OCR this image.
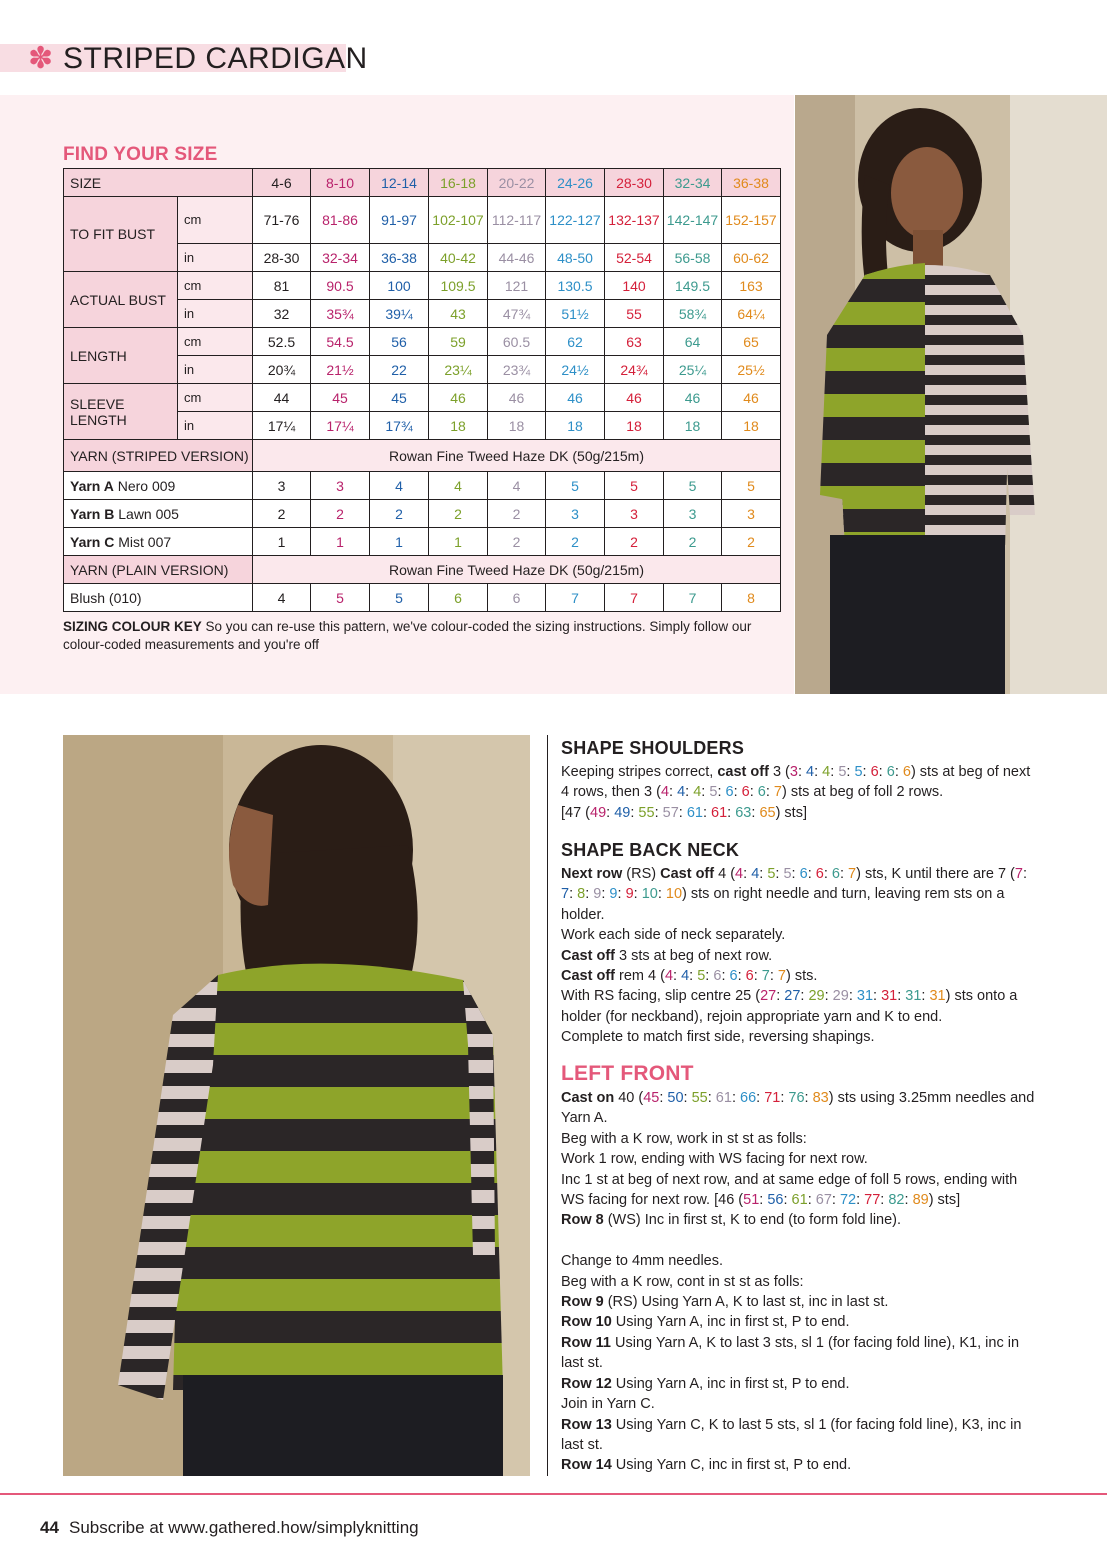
✽ STRIPED CARDIGAN
FIND YOUR SIZE
SIZE		4-6	8-10	12-14	16-18	20-22	24-26	28-30	32-34	36-38
TO FIT BUST	cm	71-76	81-86	91-97	102-107	112-117	122-127	132-137	142-147	152-157
	in	28-30	32-34	36-38	40-42	44-46	48-50	52-54	56-58	60-62
ACTUAL BUST	cm	81	90.5	100	109.5	121	130.5	140	149.5	163
	in	32	35¾	39¼	43	47¾	51½	55	58¾	64¼
LENGTH	cm	52.5	54.5	56	59	60.5	62	63	64	65
	in	20¾	21½	22	23¼	23¾	24½	24¾	25¼	25½
SLEEVE LENGTH	cm	44	45	45	46	46	46	46	46	46
	in	17¼	17¼	17¾	18	18	18	18	18	18
YARN (STRIPED VERSION)		Rowan Fine Tweed Haze DK (50g/215m)								
Yarn A Nero 009		3	3	4	4	4	5	5	5	5
Yarn B Lawn 005		2	2	2	2	2	3	3	3	3
Yarn C Mist 007		1	1	1	1	2	2	2	2	2
YARN (PLAIN VERSION)		Rowan Fine Tweed Haze DK (50g/215m)								
Blush (010)		4	5	5	6	6	7	7	7	8
SIZING COLOUR KEY So you can re-use this pattern, we've colour-coded the sizing instructions. Simply follow our colour-coded measurements and you're off
SHAPE SHOULDERS
Keeping stripes correct, cast off 3 (3: 4: 4: 5: 5: 6: 6: 6) sts at beg of next 4 rows, then 3 (4: 4: 4: 5: 6: 6: 6: 7) sts at beg of foll 2 rows.
[47 (49: 49: 55: 57: 61: 61: 63: 65) sts]
SHAPE BACK NECK
Next row (RS) Cast off 4 (4: 4: 5: 5: 6: 6: 6: 7) sts, K until there are 7 (7: 7: 8: 9: 9: 9: 10: 10) sts on right needle and turn, leaving rem sts on a holder.
Work each side of neck separately.
Cast off 3 sts at beg of next row.
Cast off rem 4 (4: 4: 5: 6: 6: 6: 7: 7) sts.
With RS facing, slip centre 25 (27: 27: 29: 29: 31: 31: 31: 31) sts onto a holder (for neckband), rejoin appropriate yarn and K to end.
Complete to match first side, reversing shapings.
LEFT FRONT
Cast on 40 (45: 50: 55: 61: 66: 71: 76: 83) sts using 3.25mm needles and Yarn A.
Beg with a K row, work in st st as folls:
Work 1 row, ending with WS facing for next row.
Inc 1 st at beg of next row, and at same edge of foll 5 rows, ending with WS facing for next row. [46 (51: 56: 61: 67: 72: 77: 82: 89) sts]
Row 8 (WS) Inc in first st, K to end (to form fold line).

Change to 4mm needles.
Beg with a K row, cont in st st as folls:
Row 9 (RS) Using Yarn A, K to last st, inc in last st.
Row 10 Using Yarn A, inc in first st, P to end.
Row 11 Using Yarn A, K to last 3 sts, sl 1 (for facing fold line), K1, inc in last st.
Row 12 Using Yarn A, inc in first st, P to end.
Join in Yarn C.
Row 13 Using Yarn C, K to last 5 sts, sl 1 (for facing fold line), K3, inc in last st.
Row 14 Using Yarn C, inc in first st, P to end.
44 Subscribe at www.gathered.how/simplyknitting
